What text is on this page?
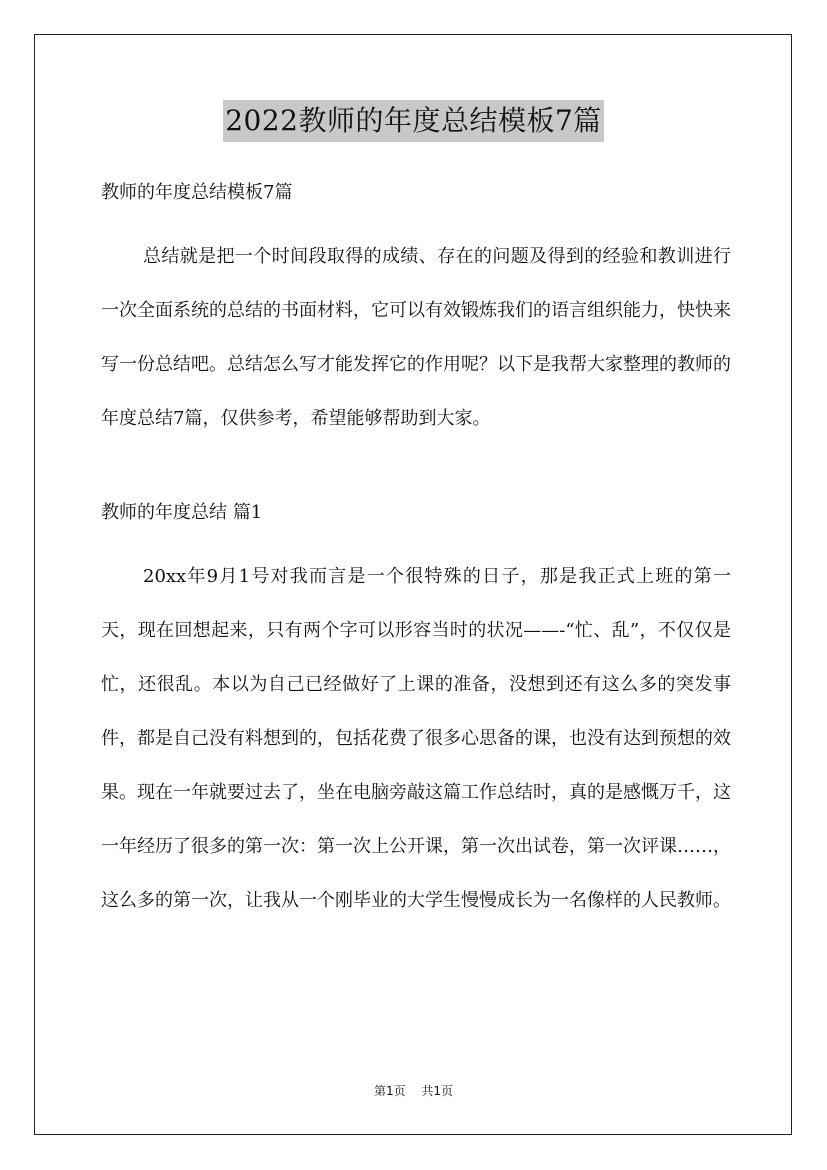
2022教师的年度总结模板7篇
教师的年度总结模板7篇

总结就是把一个时间段取得的成绩、存在的问题及得到的经验和教训进行一次全面系统的总结的书面材料，它可以有效锻炼我们的语言组织能力，快快来写一份总结吧。总结怎么写才能发挥它的作用呢？以下是我帮大家整理的教师的年度总结7篇，仅供参考，希望能够帮助到大家。

教师的年度总结 篇1

20xx年9月1号对我而言是一个很特殊的日子，那是我正式上班的第一天，现在回想起来，只有两个字可以形容当时的状况——-“忙、乱”，不仅仅是忙，还很乱。本以为自己已经做好了上课的准备，没想到还有这么多的突发事件，都是自己没有料想到的，包括花费了很多心思备的课，也没有达到预想的效果。现在一年就要过去了，坐在电脑旁敲这篇工作总结时，真的是感慨万千，这一年经历了很多的第一次：第一次上公开课，第一次出试卷，第一次评课……，这么多的第一次，让我从一个刚毕业的大学生慢慢成长为一名像样的人民教师。

第1页 共1页
